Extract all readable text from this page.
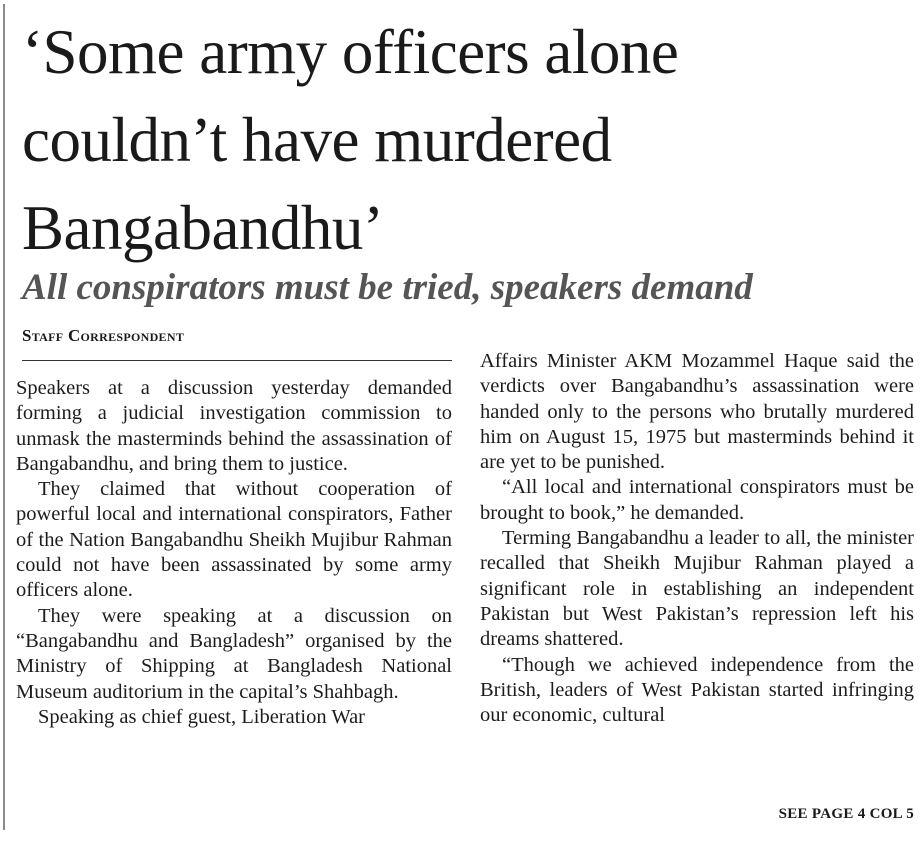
‘Some army officers alone
couldn’t have murdered
Bangabandhu’
All conspirators must be tried, speakers demand
Staff Correspondent

Speakers at a discussion yesterday demanded forming a judicial investigation commission to unmask the masterminds behind the assassination of Bangabandhu, and bring them to justice.

They claimed that without cooperation of powerful local and international conspirators, Father of the Nation Bangabandhu Sheikh Mujibur Rahman could not have been assassinated by some army officers alone.

They were speaking at a discussion on “Bangabandhu and Bangladesh” organised by the Ministry of Shipping at Bangladesh National Museum auditorium in the capital’s Shahbagh.

Speaking as chief guest, Liberation War

Affairs Minister AKM Mozammel Haque said the verdicts over Bangabandhu’s assassination were handed only to the persons who brutally murdered him on August 15, 1975 but masterminds behind it are yet to be punished.

“All local and international conspirators must be brought to book,” he demanded.

Terming Bangabandhu a leader to all, the minister recalled that Sheikh Mujibur Rahman played a significant role in establishing an independent Pakistan but West Pakistan’s repression left his dreams shattered.

“Though we achieved independence from the British, leaders of West Pakistan started infringing our economic, cultural

SEE PAGE 4 COL 5
